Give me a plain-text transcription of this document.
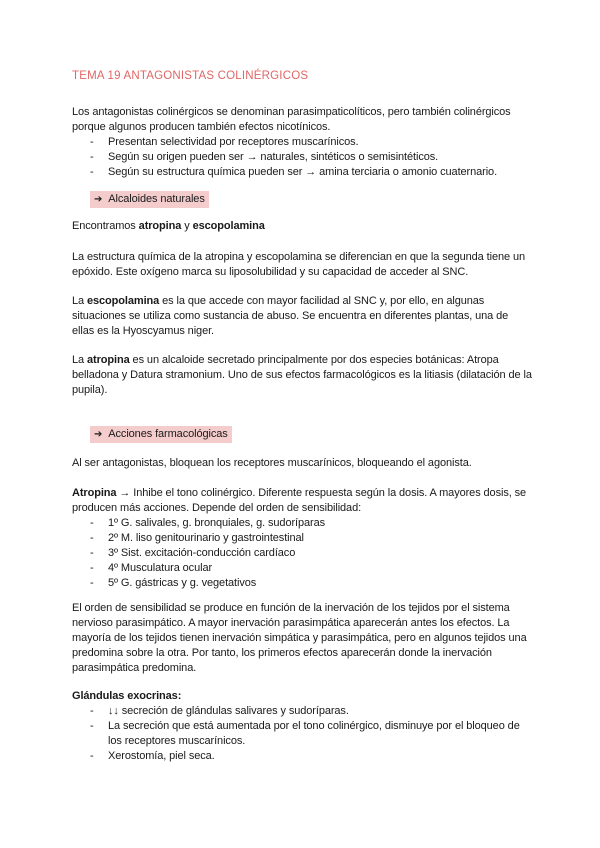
TEMA 19 ANTAGONISTAS COLINÉRGICOS

Los antagonistas colinérgicos se denominan parasimpaticolíticos, pero también colinérgicos porque algunos producen también efectos nicotínicos.

- Presentan selectividad por receptores muscarínicos.
- Según su origen pueden ser → naturales, sintéticos o semisintéticos.
- Según su estructura química pueden ser → amina terciaria o amonio cuaternario.
➔ Alcaloides naturales

Encontramos atropina y escopolamina

La estructura química de la atropina y escopolamina se diferencian en que la segunda tiene un epóxido. Este oxígeno marca su liposolubilidad y su capacidad de acceder al SNC.

La escopolamina es la que accede con mayor facilidad al SNC y, por ello, en algunas situaciones se utiliza como sustancia de abuso. Se encuentra en diferentes plantas, una de ellas es la Hyoscyamus niger.

La atropina es un alcaloide secretado principalmente por dos especies botánicas: Atropa belladona y Datura stramonium. Uno de sus efectos farmacológicos es la litiasis (dilatación de la pupila).

➔ Acciones farmacológicas

Al ser antagonistas, bloquean los receptores muscarínicos, bloqueando el agonista.

Atropina → Inhibe el tono colinérgico. Diferente respuesta según la dosis. A mayores dosis, se producen más acciones. Depende del orden de sensibilidad:

- 1º G. salivales, g. bronquiales, g. sudoríparas
- 2º M. liso genitourinario y gastrointestinal
- 3º Sist. excitación-conducción cardíaco
- 4º Musculatura ocular
- 5º G. gástricas y g. vegetativos

El orden de sensibilidad se produce en función de la inervación de los tejidos por el sistema nervioso parasimpático. A mayor inervación parasimpática aparecerán antes los efectos. La mayoría de los tejidos tienen inervación simpática y parasimpática, pero en algunos tejidos una predomina sobre la otra. Por tanto, los primeros efectos aparecerán donde la inervación parasimpática predomina.

Glándulas exocrinas:

- ↓↓ secreción de glándulas salivares y sudoríparas.
- La secreción que está aumentada por el tono colinérgico, disminuye por el bloqueo de los receptores muscarínicos.
- Xerostomía, piel seca.
